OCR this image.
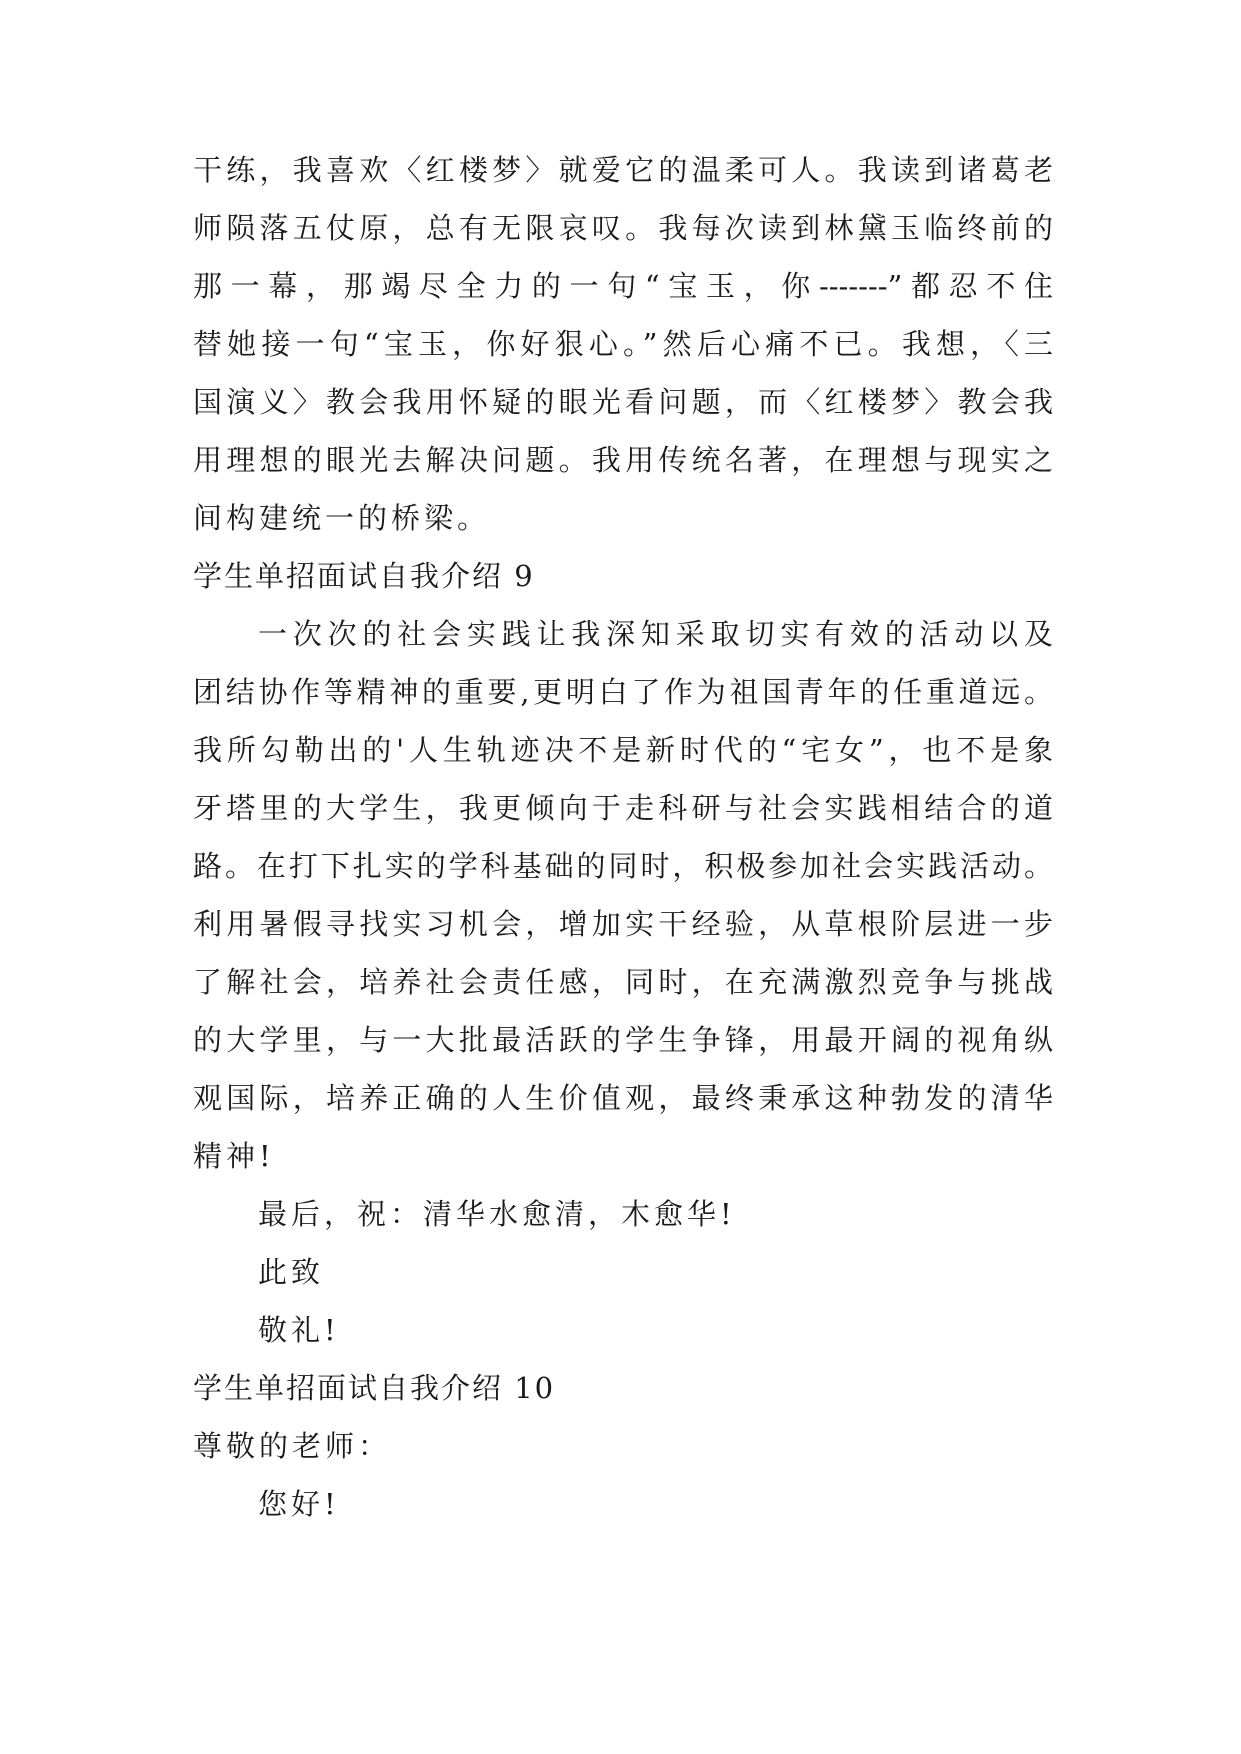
干练，我喜欢〈红楼梦〉就爱它的温柔可人。我读到诸葛老
师陨落五仗原，总有无限哀叹。我每次读到林黛玉临终前的
那一幕，那竭尽全力的一句“宝玉，你-------”都忍不住
替她接一句“宝玉，你好狠心。”然后心痛不已。我想，〈三
国演义〉教会我用怀疑的眼光看问题，而〈红楼梦〉教会我
用理想的眼光去解决问题。我用传统名著，在理想与现实之
间构建统一的桥梁。
学生单招面试自我介绍 9
一次次的社会实践让我深知采取切实有效的活动以及
团结协作等精神的重要,更明白了作为祖国青年的任重道远。
我所勾勒出的'人生轨迹决不是新时代的“宅女”，也不是象
牙塔里的大学生，我更倾向于走科研与社会实践相结合的道
路。在打下扎实的学科基础的同时，积极参加社会实践活动。
利用暑假寻找实习机会，增加实干经验，从草根阶层进一步
了解社会，培养社会责任感，同时，在充满激烈竞争与挑战
的大学里，与一大批最活跃的学生争锋，用最开阔的视角纵
观国际，培养正确的人生价值观，最终秉承这种勃发的清华
精神!
最后，祝：清华水愈清，木愈华!
此致
敬礼!
学生单招面试自我介绍 10
尊敬的老师：
您好!
